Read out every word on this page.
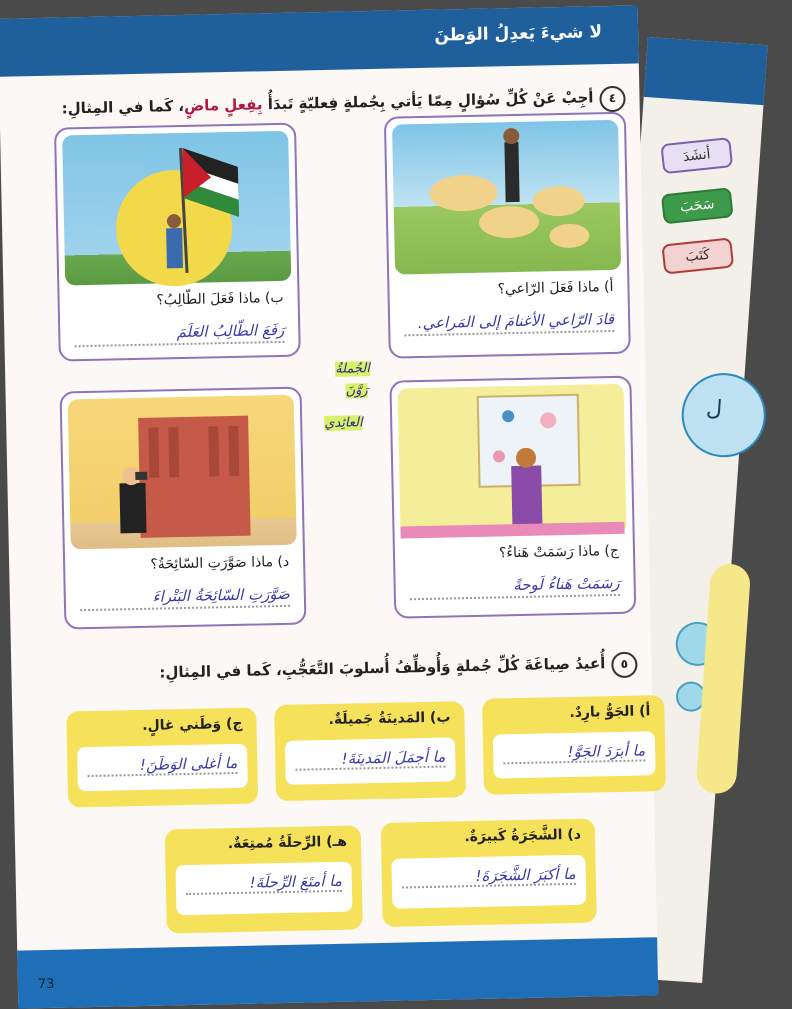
أنشَدَ
سَحَبَ
كَتَبَ
ل
لا شيءَ يَعدِلُ الوَطنَ
٤أجِبْ عَنْ كُلِّ سُؤالٍ مِمّا يَأتي بِجُملةٍ فِعليّةٍ تَبدَأُ بِفِعلٍ ماضٍ، كَما في المِثالِ:
أ) ماذا فَعَلَ الرّاعي؟
قادَ الرّاعي الأغنامَ إلى المَراعي.
ب) ماذا فَعَلَ الطّالِبُ؟
رَفَعَ الطّالِبُ العَلَمَ
الجُملةُ
رَوَّنَ
العائِدي
ج) ماذا رَسَمَتْ هَناءُ؟
رَسَمَتْ هَناءُ لَوحةً
د) ماذا صَوَّرَتِ السّائِحَةُ؟
صَوَّرَتِ السّائِحَةُ البَتْراءَ
٥أُعيدُ صِياغَةَ كُلِّ جُملةٍ وَأُوظِّفُ أُسلوبَ التَّعَجُّبِ، كَما في المِثالِ:
أ) الجَوُّ بارِدٌ.
ما أبرَدَ الجَوَّ!
ب) المَدينَةُ جَميلَةٌ.
ما أجمَلَ المَدينَةَ!
ج) وَطَني غالٍ.
ما أغلى الوَطَنَ!
د) الشَّجَرَةُ كَبيرَةٌ.
ما أكبَرَ الشَّجَرَةَ!
هـ) الرِّحلَةُ مُمتِعَةٌ.
ما أمتَعَ الرِّحلَةَ!
73
